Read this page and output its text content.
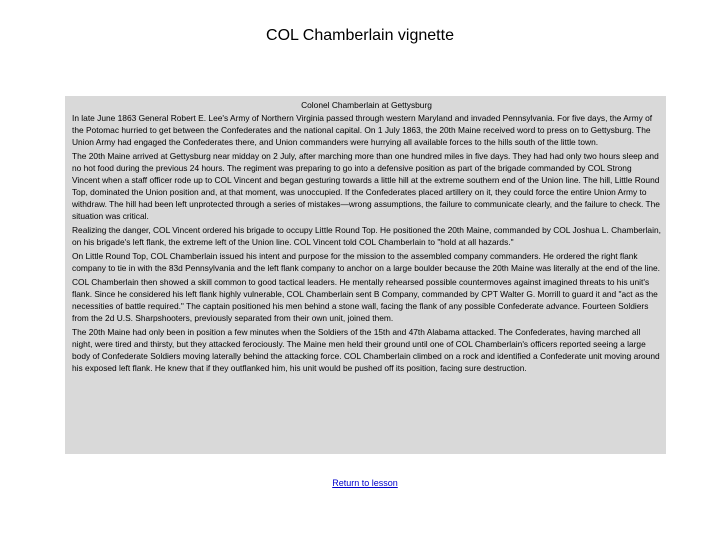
COL Chamberlain vignette
Colonel Chamberlain at Gettysburg
In late June 1863 General Robert E. Lee's Army of Northern Virginia passed through western Maryland and invaded Pennsylvania. For five days, the Army of the Potomac hurried to get between the Confederates and the national capital. On 1 July 1863, the 20th Maine received word to press on to Gettysburg. The Union Army had engaged the Confederates there, and Union commanders were hurrying all available forces to the hills south of the little town.
The 20th Maine arrived at Gettysburg near midday on 2 July, after marching more than one hundred miles in five days. They had had only two hours sleep and no hot food during the previous 24 hours. The regiment was preparing to go into a defensive position as part of the brigade commanded by COL Strong Vincent when a staff officer rode up to COL Vincent and began gesturing towards a little hill at the extreme southern end of the Union line. The hill, Little Round Top, dominated the Union position and, at that moment, was unoccupied. If the Confederates placed artillery on it, they could force the entire Union Army to withdraw. The hill had been left unprotected through a series of mistakes—wrong assumptions, the failure to communicate clearly, and the failure to check. The situation was critical.
Realizing the danger, COL Vincent ordered his brigade to occupy Little Round Top. He positioned the 20th Maine, commanded by COL Joshua L. Chamberlain, on his brigade's left flank, the extreme left of the Union line. COL Vincent told COL Chamberlain to "hold at all hazards."
On Little Round Top, COL Chamberlain issued his intent and purpose for the mission to the assembled company commanders. He ordered the right flank company to tie in with the 83d Pennsylvania and the left flank company to anchor on a large boulder because the 20th Maine was literally at the end of the line.
COL Chamberlain then showed a skill common to good tactical leaders. He mentally rehearsed possible countermoves against imagined threats to his unit's flank. Since he considered his left flank highly vulnerable, COL Chamberlain sent B Company, commanded by CPT Walter G. Morrill to guard it and "act as the necessities of battle required." The captain positioned his men behind a stone wall, facing the flank of any possible Confederate advance. Fourteen Soldiers from the 2d U.S. Sharpshooters, previously separated from their own unit, joined them.
The 20th Maine had only been in position a few minutes when the Soldiers of the 15th and 47th Alabama attacked. The Confederates, having marched all night, were tired and thirsty, but they attacked ferociously. The Maine men held their ground until one of COL Chamberlain's officers reported seeing a large body of Confederate Soldiers moving laterally behind the attacking force. COL Chamberlain climbed on a rock and identified a Confederate unit moving around his exposed left flank. He knew that if they outflanked him, his unit would be pushed off its position, facing sure destruction.
Return to lesson
